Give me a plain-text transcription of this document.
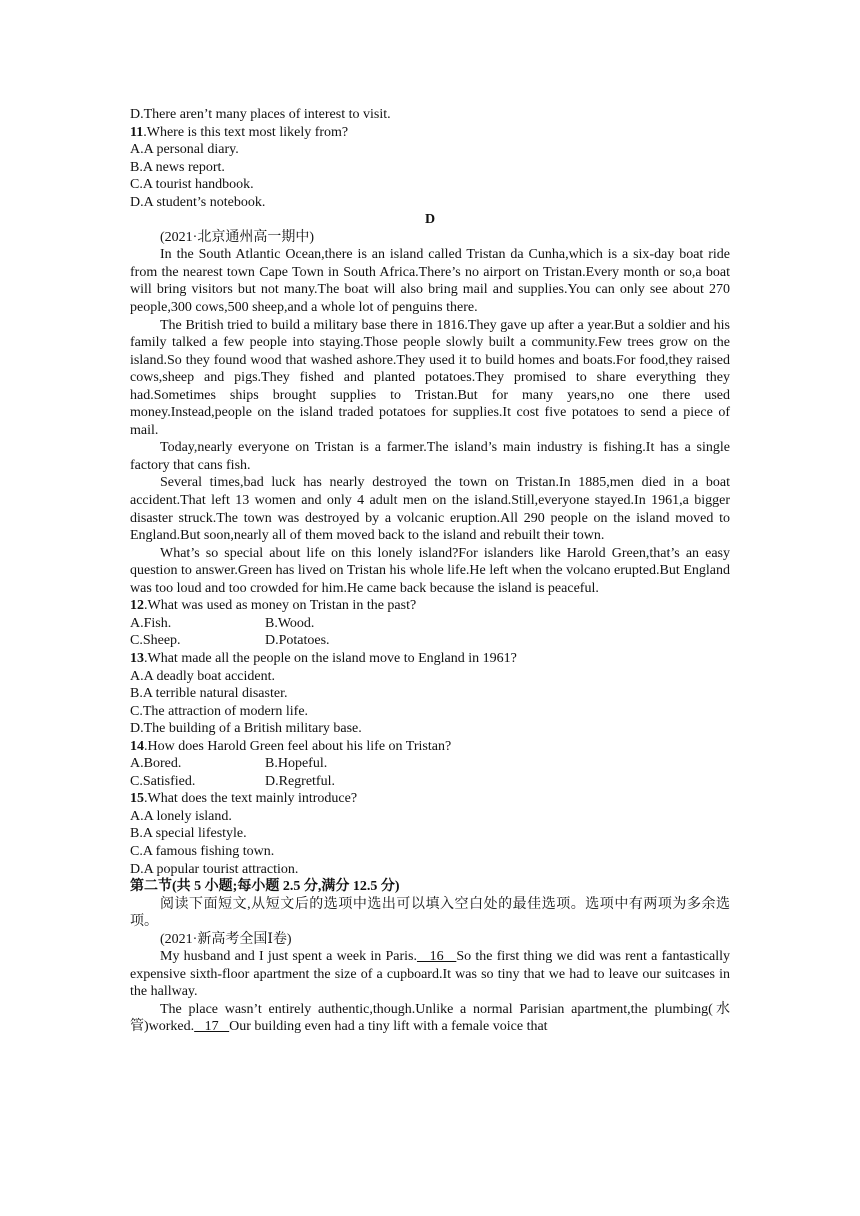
D.There aren’t many places of interest to visit.

11.Where is this text most likely from?

A.A personal diary.

B.A news report.

C.A tourist handbook.

D.A student’s notebook.

D

(2021·北京通州高一期中)

In the South Atlantic Ocean,there is an island called Tristan da Cunha,which is a six-day boat ride from the nearest town Cape Town in South Africa.There’s no airport on Tristan.Every month or so,a boat will bring visitors but not many.The boat will also bring mail and supplies.You can only see about 270 people,300 cows,500 sheep,and a whole lot of penguins there.

The British tried to build a military base there in 1816.They gave up after a year.But a soldier and his family talked a few people into staying.Those people slowly built a community.Few trees grow on the island.So they found wood that washed ashore.They used it to build homes and boats.For food,they raised cows,sheep and pigs.They fished and planted potatoes.They promised to share everything they had.Sometimes ships brought supplies to Tristan.But for many years,no one there used money.Instead,people on the island traded potatoes for supplies.It cost five potatoes to send a piece of mail.

Today,nearly everyone on Tristan is a farmer.The island’s main industry is fishing.It has a single factory that cans fish.

Several times,bad luck has nearly destroyed the town on Tristan.In 1885,men died in a boat accident.That left 13 women and only 4 adult men on the island.Still,everyone stayed.In 1961,a bigger disaster struck.The town was destroyed by a volcanic eruption.All 290 people on the island moved to England.But soon,nearly all of them moved back to the island and rebuilt their town.

What’s so special about life on this lonely island?For islanders like Harold Green,that’s an easy question to answer.Green has lived on Tristan his whole life.He left when the volcano erupted.But England was too loud and too crowded for him.He came back because the island is peaceful.

12.What was used as money on Tristan in the past?

A.Fish.	B.Wood.
C.Sheep.	D.Potatoes.

13.What made all the people on the island move to England in 1961?

A.A deadly boat accident.

B.A terrible natural disaster.

C.The attraction of modern life.

D.The building of a British military base.

14.How does Harold Green feel about his life on Tristan?

A.Bored.	B.Hopeful.
C.Satisfied.	D.Regretful.

15.What does the text mainly introduce?

A.A lonely island.

B.A special lifestyle.

C.A famous fishing town.

D.A popular tourist attraction.

第二节(共 5 小题;每小题 2.5 分,满分 12.5 分)

阅读下面短文,从短文后的选项中选出可以填入空白处的最佳选项。选项中有两项为多余选项。

(2021·新高考全国Ⅰ卷)

My husband and I just spent a week in Paris.   16   So the first thing we did was rent a fantastically expensive sixth-floor apartment the size of a cupboard.It was so tiny that we had to leave our suitcases in the hallway.

The place wasn’t entirely authentic,though.Unlike a normal Parisian apartment,the plumbing(水管)worked.   17   Our building even had a tiny lift with a female voice that
